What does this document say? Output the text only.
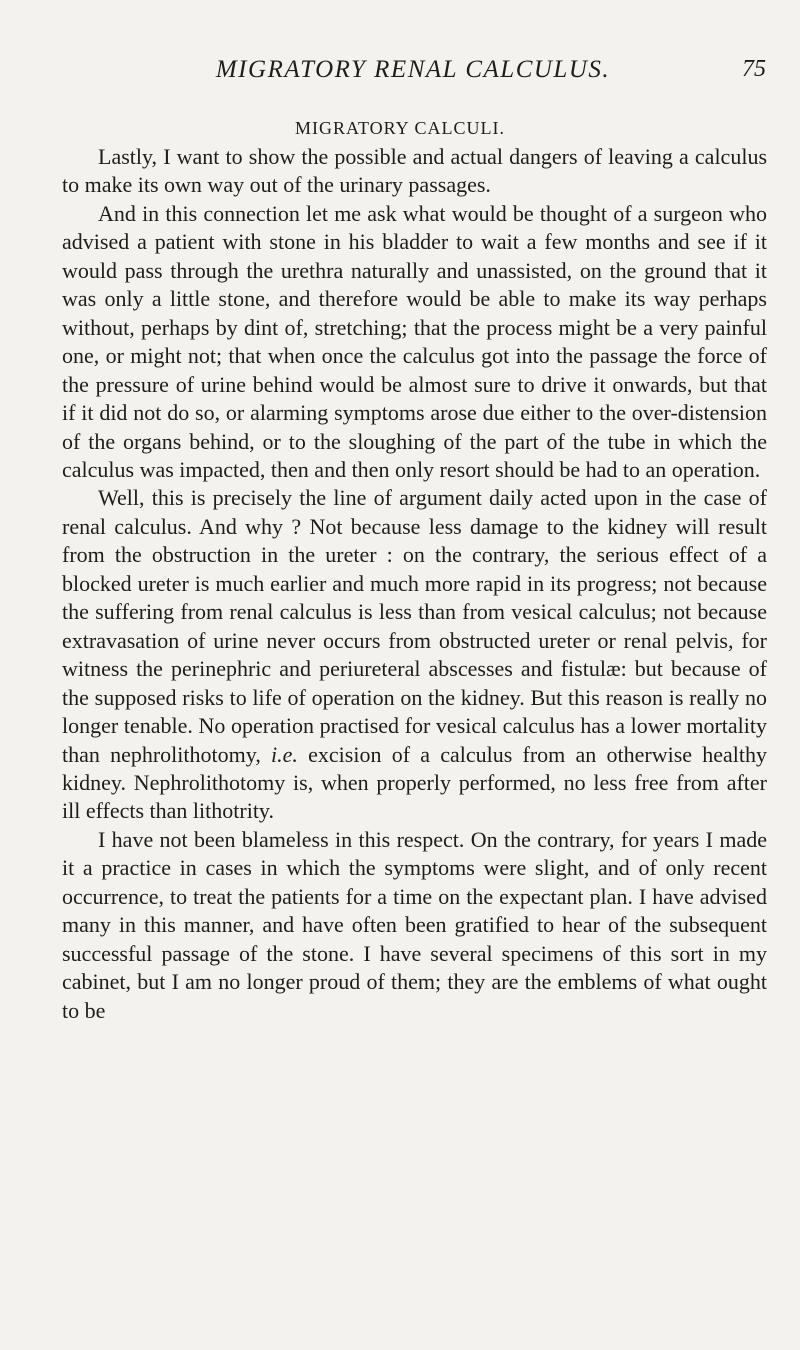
MIGRATORY RENAL CALCULUS.	75
MIGRATORY CALCULI.

Lastly, I want to show the possible and actual dangers of leaving a calculus to make its own way out of the urinary passages.

And in this connection let me ask what would be thought of a surgeon who advised a patient with stone in his bladder to wait a few months and see if it would pass through the urethra naturally and unassisted, on the ground that it was only a little stone, and therefore would be able to make its way perhaps without, perhaps by dint of, stretching; that the process might be a very painful one, or might not; that when once the calculus got into the passage the force of the pressure of urine behind would be almost sure to drive it onwards, but that if it did not do so, or alarming symptoms arose due either to the over-distension of the organs behind, or to the sloughing of the part of the tube in which the calculus was impacted, then and then only resort should be had to an operation.

Well, this is precisely the line of argument daily acted upon in the case of renal calculus. And why ? Not because less damage to the kidney will result from the obstruction in the ureter : on the contrary, the serious effect of a blocked ureter is much earlier and much more rapid in its progress; not because the suffering from renal calculus is less than from vesical calculus; not because extravasation of urine never occurs from obstructed ureter or renal pelvis, for witness the perinephric and periureteral abscesses and fistulæ: but because of the supposed risks to life of operation on the kidney. But this reason is really no longer tenable. No operation practised for vesical calculus has a lower mortality than nephrolithotomy, i.e. excision of a calculus from an otherwise healthy kidney. Nephrolithotomy is, when properly performed, no less free from after ill effects than lithotrity.

I have not been blameless in this respect. On the contrary, for years I made it a practice in cases in which the symptoms were slight, and of only recent occurrence, to treat the patients for a time on the expectant plan. I have advised many in this manner, and have often been gratified to hear of the subsequent successful passage of the stone. I have several specimens of this sort in my cabinet, but I am no longer proud of them; they are the emblems of what ought to be
